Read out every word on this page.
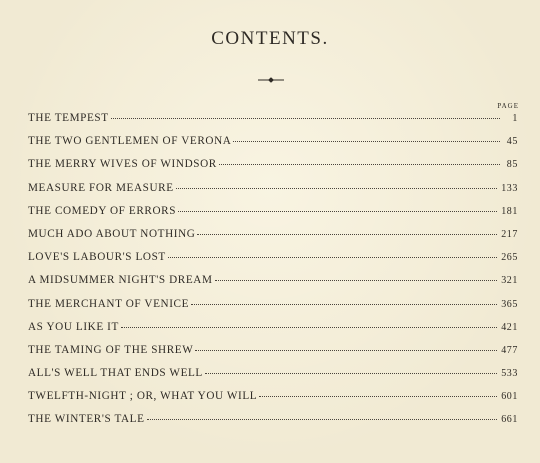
CONTENTS.
PAGE
THE TEMPEST	1
THE TWO GENTLEMEN OF VERONA	45
THE MERRY WIVES OF WINDSOR	85
MEASURE FOR MEASURE	133
THE COMEDY OF ERRORS	181
MUCH ADO ABOUT NOTHING	217
LOVE'S LABOUR'S LOST	265
A MIDSUMMER NIGHT'S DREAM	321
THE MERCHANT OF VENICE	365
AS YOU LIKE IT	421
THE TAMING OF THE SHREW	477
ALL'S WELL THAT ENDS WELL	533
TWELFTH-NIGHT ; OR, WHAT YOU WILL	601
THE WINTER'S TALE	661
